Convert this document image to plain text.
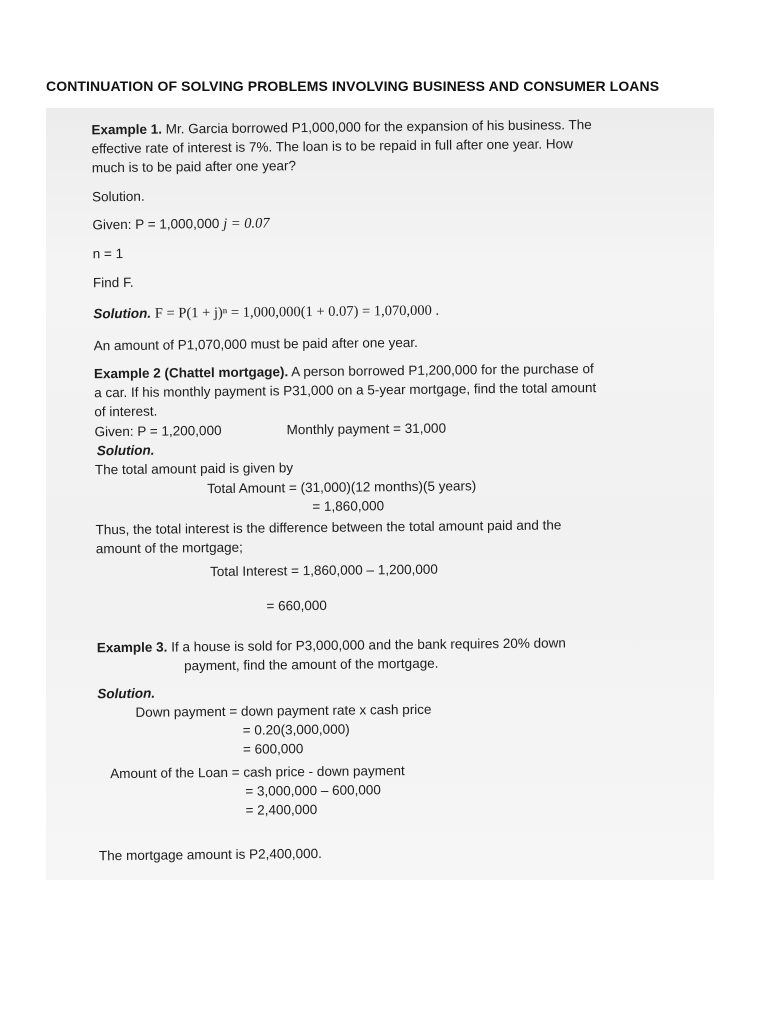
CONTINUATION OF SOLVING PROBLEMS INVOLVING BUSINESS AND CONSUMER LOANS
Example 1. Mr. Garcia borrowed P1,000,000 for the expansion of his business. The
effective rate of interest is 7%. The loan is to be repaid in full after one year. How
much is to be paid after one year?
Solution.
Given: P = 1,000,000 j = 0.07
n = 1
Find F.
Solution. F = P(1 + j)ⁿ = 1,000,000(1 + 0.07) = 1,070,000 .
An amount of P1,070,000 must be paid after one year.
Example 2 (Chattel mortgage). A person borrowed P1,200,000 for the purchase of
a car. If his monthly payment is P31,000 on a 5-year mortgage, find the total amount
of interest.
Given: P = 1,200,000	Monthly payment = 31,000
Solution.
The total amount paid is given by
Total Amount = (31,000)(12 months)(5 years)
= 1,860,000
Thus, the total interest is the difference between the total amount paid and the
amount of the mortgage;
Total Interest = 1,860,000 – 1,200,000
= 660,000
Example 3. If a house is sold for P3,000,000 and the bank requires 20% down
payment, find the amount of the mortgage.
Solution.
Down payment = down payment rate x cash price
= 0.20(3,000,000)
= 600,000
Amount of the Loan = cash price - down payment
= 3,000,000 – 600,000
= 2,400,000
The mortgage amount is P2,400,000.
